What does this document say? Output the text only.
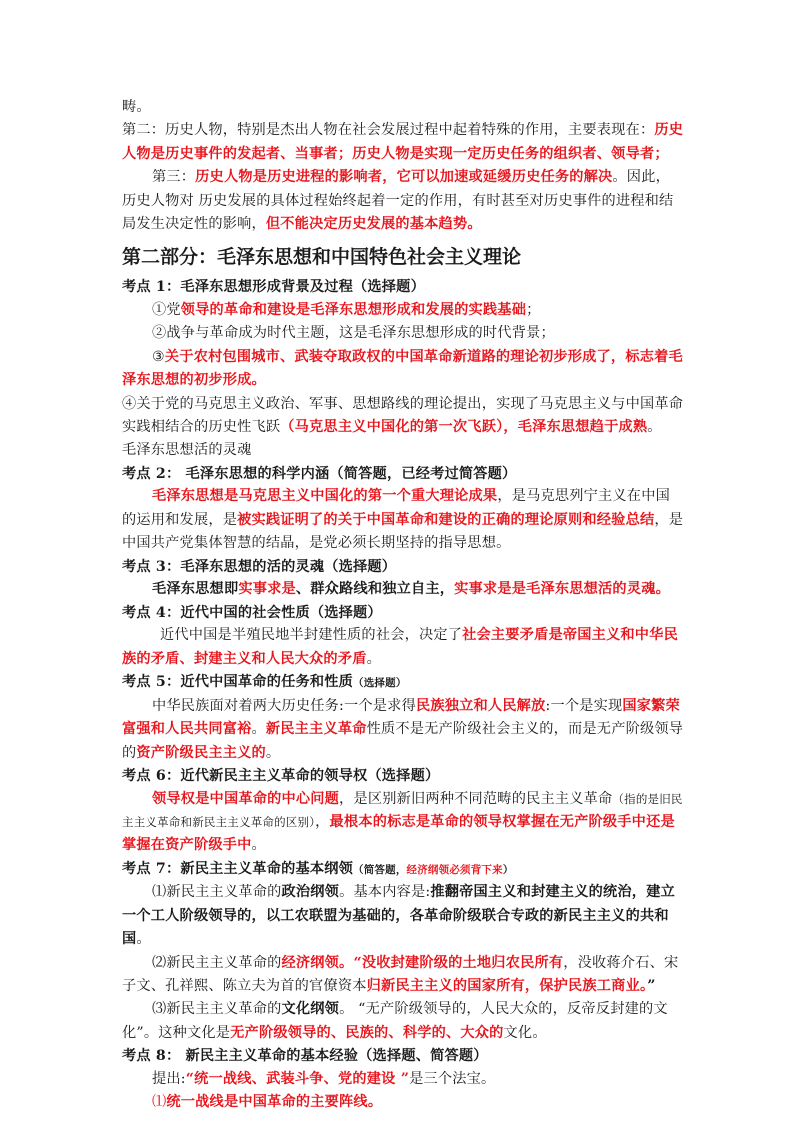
畴。

第二：历史人物，特别是杰出人物在社会发展过程中起着特殊的作用，主要表现在：历史人物是历史事件的发起者、当事者；历史人物是实现一定历史任务的组织者、领导者；

第三：历史人物是历史进程的影响者，它可以加速或延缓历史任务的解决。因此，历史人物对 历史发展的具体过程始终起着一定的作用，有时甚至对历史事件的进程和结局发生决定性的影响，但不能决定历史发展的基本趋势。

第二部分：毛泽东思想和中国特色社会主义理论

考点 1：毛泽东思想形成背景及过程（选择题）

①党领导的革命和建设是毛泽东思想形成和发展的实践基础；

②战争与革命成为时代主题，这是毛泽东思想形成的时代背景；

③关于农村包围城市、武装夺取政权的中国革命新道路的理论初步形成了，标志着毛泽东思想的初步形成。

④关于党的马克思主义政治、军事、思想路线的理论提出，实现了马克思主义与中国革命实践相结合的历史性飞跃（马克思主义中国化的第一次飞跃），毛泽东思想趋于成熟。

毛泽东思想活的灵魂

考点 2： 毛泽东思想的科学内涵（简答题，已经考过简答题）

毛泽东思想是马克思主义中国化的第一个重大理论成果，是马克思列宁主义在中国的运用和发展，是被实践证明了的关于中国革命和建设的正确的理论原则和经验总结，是中国共产党集体智慧的结晶，是党必须长期坚持的指导思想。

考点 3：毛泽东思想的活的灵魂（选择题）

毛泽东思想即实事求是、群众路线和独立自主，实事求是是毛泽东思想活的灵魂。

考点 4：近代中国的社会性质（选择题）

近代中国是半殖民地半封建性质的社会，决定了社会主要矛盾是帝国主义和中华民族的矛盾、封建主义和人民大众的矛盾。

考点 5：近代中国革命的任务和性质（选择题）

中华民族面对着两大历史任务:一个是求得民族独立和人民解放:一个是实现国家繁荣富强和人民共同富裕。新民主主义革命性质不是无产阶级社会主义的，而是无产阶级领导的资产阶级民主主义的。

考点 6：近代新民主主义革命的领导权（选择题）

领导权是中国革命的中心问题，是区别新旧两种不同范畴的民主主义革命（指的是旧民主主义革命和新民主主义革命的区别），最根本的标志是革命的领导权掌握在无产阶级手中还是掌握在资产阶级手中。

考点 7：新民主主义革命的基本纲领（简答题，经济纲领必须背下来）

⑴新民主主义革命的政治纲领。基本内容是:推翻帝国主义和封建主义的统治，建立一个工人阶级领导的，以工农联盟为基础的，各革命阶级联合专政的新民主主义的共和国。

⑵新民主主义革命的经济纲领。“没收封建阶级的土地归农民所有，没收蒋介石、宋子文、孔祥熙、陈立夫为首的官僚资本归新民主主义的国家所有，保护民族工商业。”

⑶新民主主义革命的文化纲领。 “无产阶级领导的，人民大众的，反帝反封建的文化”。这种文化是无产阶级领导的、民族的、科学的、大众的文化。

考点 8： 新民主主义革命的基本经验（选择题、简答题）

提出:“统一战线、武装斗争、党的建设 ”是三个法宝。

⑴统一战线是中国革命的主要阵线。
